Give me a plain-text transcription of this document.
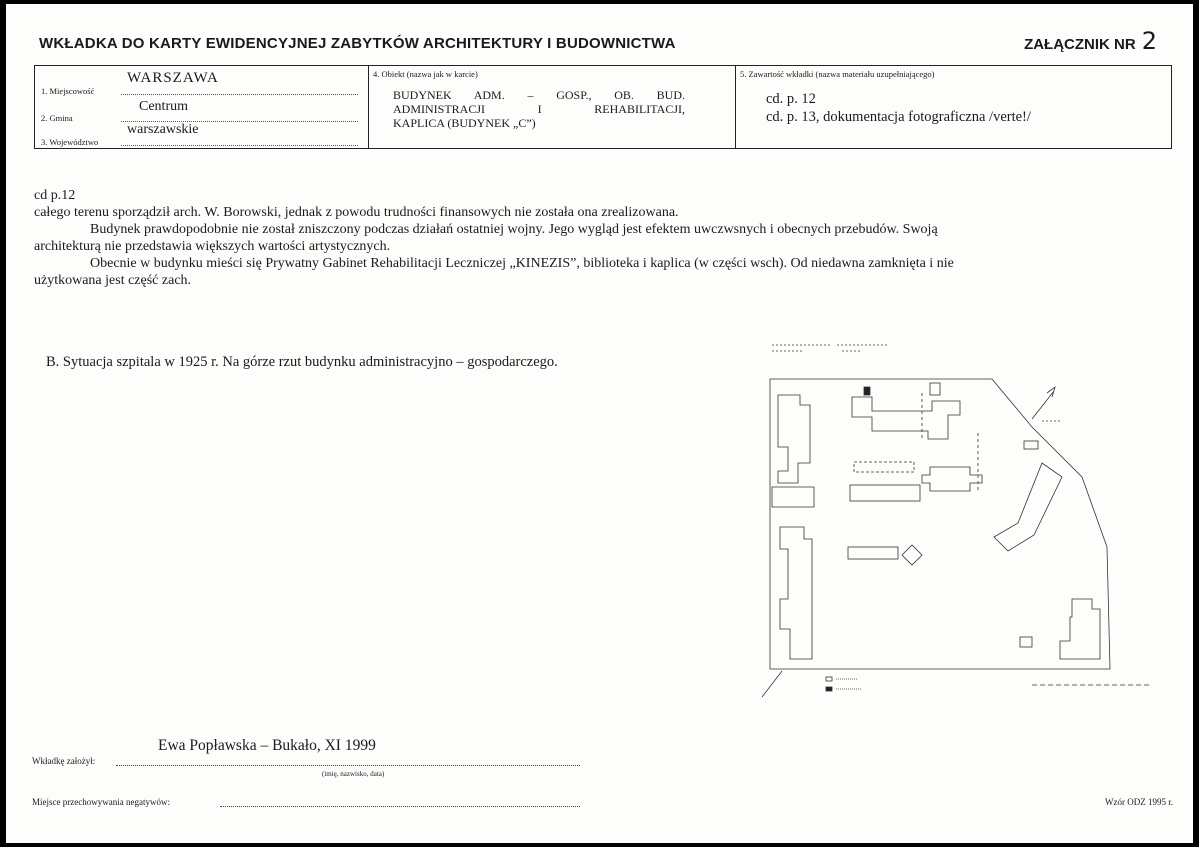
WKŁADKA DO KARTY EWIDENCYJNEJ ZABYTKÓW ARCHITEKTURY I BUDOWNICTWA	ZAŁĄCZNIK NR 2
WARSZAWA
1. Miejscowość
Centrum
2. Gmina
warszawskie
3. Województwo
4. Obiekt (nazwa jak w karcie)
BUDYNEK ADM. – GOSP., OB. BUD.
ADMINISTRACJI I REHABILITACJI,
KAPLICA (BUDYNEK „C”)
5. Zawartość wkładki (nazwa materiału uzupełniającego)
cd. p. 12
cd. p. 13, dokumentacja fotograficzna /verte!/
cd p.12
całego terenu sporządził arch. W. Borowski, jednak z powodu trudności finansowych nie została ona zrealizowana.
Budynek prawdopodobnie nie został zniszczony podczas działań ostatniej wojny. Jego wygląd jest efektem uwczwsnych i obecnych przebudów. Swoją
architekturą nie przedstawia większych wartości artystycznych.
Obecnie w budynku mieści się Prywatny Gabinet Rehabilitacji Leczniczej „KINEZIS”, biblioteka i kaplica (w części wsch). Od niedawna zamknięta i nie
użytkowana jest część zach.
B. Sytuacja szpitala w 1925 r. Na górze rzut budynku administracyjno – gospodarczego.
Ewa Popławska – Bukało, XI 1999
Wkładkę założył:
(imię, nazwisko, data)
Miejsce przechowywania negatywów:	Wzór ODZ 1995 r.
